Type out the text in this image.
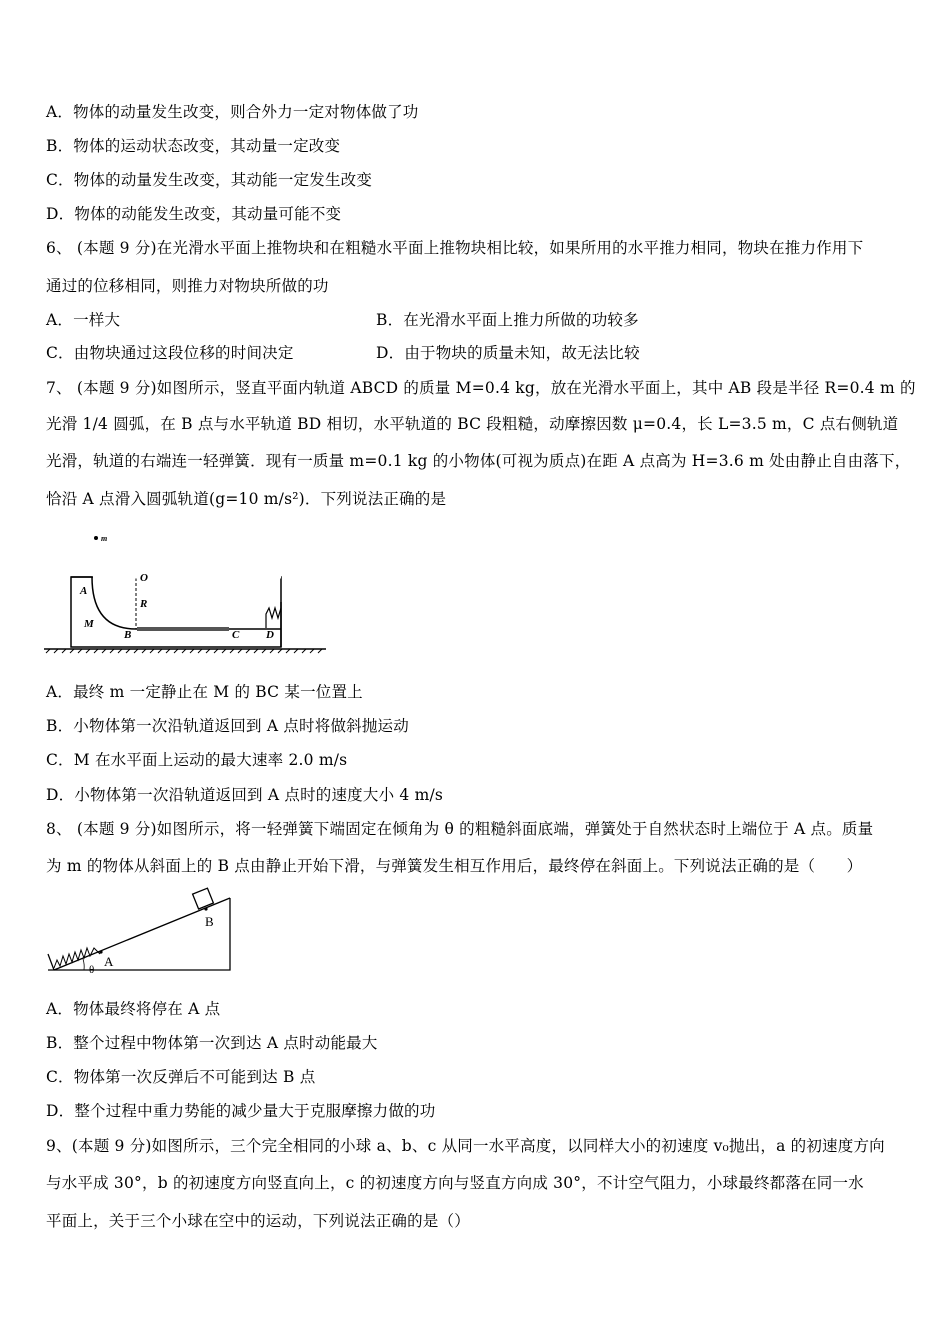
A．物体的动量发生改变，则合外力一定对物体做了功
B．物体的运动状态改变，其动量一定改变
C．物体的动量发生改变，其动能一定发生改变
D．物体的动能发生改变，其动量可能不变
6、 (本题 9 分)在光滑水平面上推物块和在粗糙水平面上推物块相比较，如果所用的水平推力相同，物块在推力作用下
通过的位移相同，则推力对物块所做的功
A．一样大	B．在光滑水平面上推力所做的功较多
C．由物块通过这段位移的时间决定	D．由于物块的质量未知，故无法比较
7、 (本题 9 分)如图所示，竖直平面内轨道 ABCD 的质量 M=0.4 kg，放在光滑水平面上，其中 AB 段是半径 R=0.4 m 的
光滑 1/4 圆弧，在 B 点与水平轨道 BD 相切，水平轨道的 BC 段粗糙，动摩擦因数 μ=0.4，长 L=3.5 m，C 点右侧轨道
光滑，轨道的右端连一轻弹簧．现有一质量 m=0.1 kg 的小物体(可视为质点)在距 A 点高为 H=3.6 m 处由静止自由落下，
恰沿 A 点滑入圆弧轨道(g=10 m/s²)．下列说法正确的是
m
A
O
R
M
B	C D
A．最终 m 一定静止在 M 的 BC 某一位置上
B．小物体第一次沿轨道返回到 A 点时将做斜抛运动
C．M 在水平面上运动的最大速率 2.0 m/s
D．小物体第一次沿轨道返回到 A 点时的速度大小 4 m/s
8、 (本题 9 分)如图所示，将一轻弹簧下端固定在倾角为 θ 的粗糙斜面底端，弹簧处于自然状态时上端位于 A 点。质量
为 m 的物体从斜面上的 B 点由静止开始下滑，与弹簧发生相互作用后，最终停在斜面上。下列说法正确的是（　　）
B
A
θ
A．物体最终将停在 A 点
B．整个过程中物体第一次到达 A 点时动能最大
C．物体第一次反弹后不可能到达 B 点
D．整个过程中重力势能的减少量大于克服摩擦力做的功
9、(本题 9 分)如图所示，三个完全相同的小球 a、b、c 从同一水平高度，以同样大小的初速度 v₀抛出，a 的初速度方向
与水平成 30°，b 的初速度方向竖直向上，c 的初速度方向与竖直方向成 30°，不计空气阻力，小球最终都落在同一水
平面上，关于三个小球在空中的运动，下列说法正确的是（）
